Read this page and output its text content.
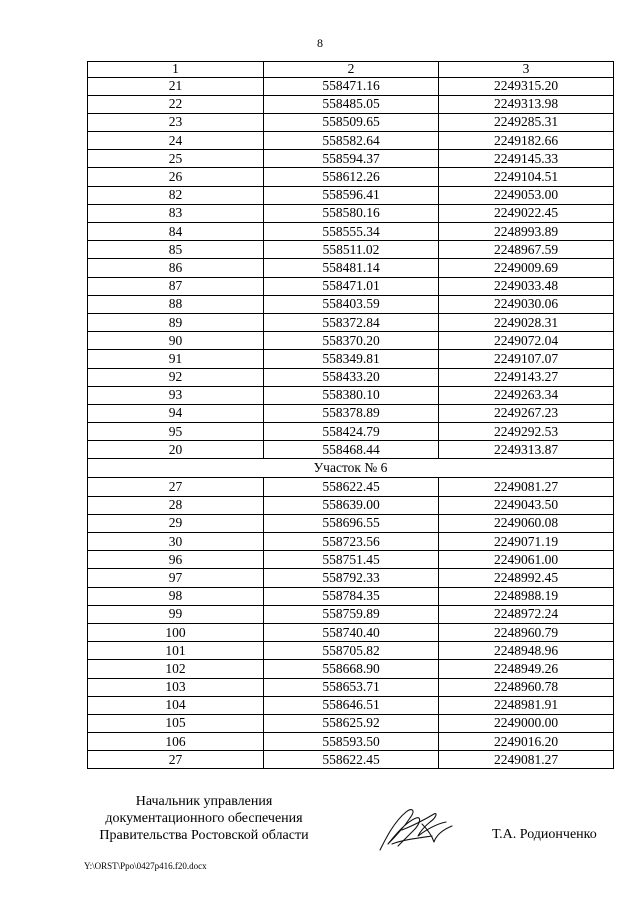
8
1	2	3
21	558471.16	2249315.20
22	558485.05	2249313.98
23	558509.65	2249285.31
24	558582.64	2249182.66
25	558594.37	2249145.33
26	558612.26	2249104.51
82	558596.41	2249053.00
83	558580.16	2249022.45
84	558555.34	2248993.89
85	558511.02	2248967.59
86	558481.14	2249009.69
87	558471.01	2249033.48
88	558403.59	2249030.06
89	558372.84	2249028.31
90	558370.20	2249072.04
91	558349.81	2249107.07
92	558433.20	2249143.27
93	558380.10	2249263.34
94	558378.89	2249267.23
95	558424.79	2249292.53
20	558468.44	2249313.87
Участок № 6		
27	558622.45	2249081.27
28	558639.00	2249043.50
29	558696.55	2249060.08
30	558723.56	2249071.19
96	558751.45	2249061.00
97	558792.33	2248992.45
98	558784.35	2248988.19
99	558759.89	2248972.24
100	558740.40	2248960.79
101	558705.82	2248948.96
102	558668.90	2248949.26
103	558653.71	2248960.78
104	558646.51	2248981.91
105	558625.92	2249000.00
106	558593.50	2249016.20
27	558622.45	2249081.27
Начальник управления
документационного обеспечения
Правительства Ростовской области	Т.А. Родионченко
Y:\ORST\Ppo\0427p416.f20.docx
